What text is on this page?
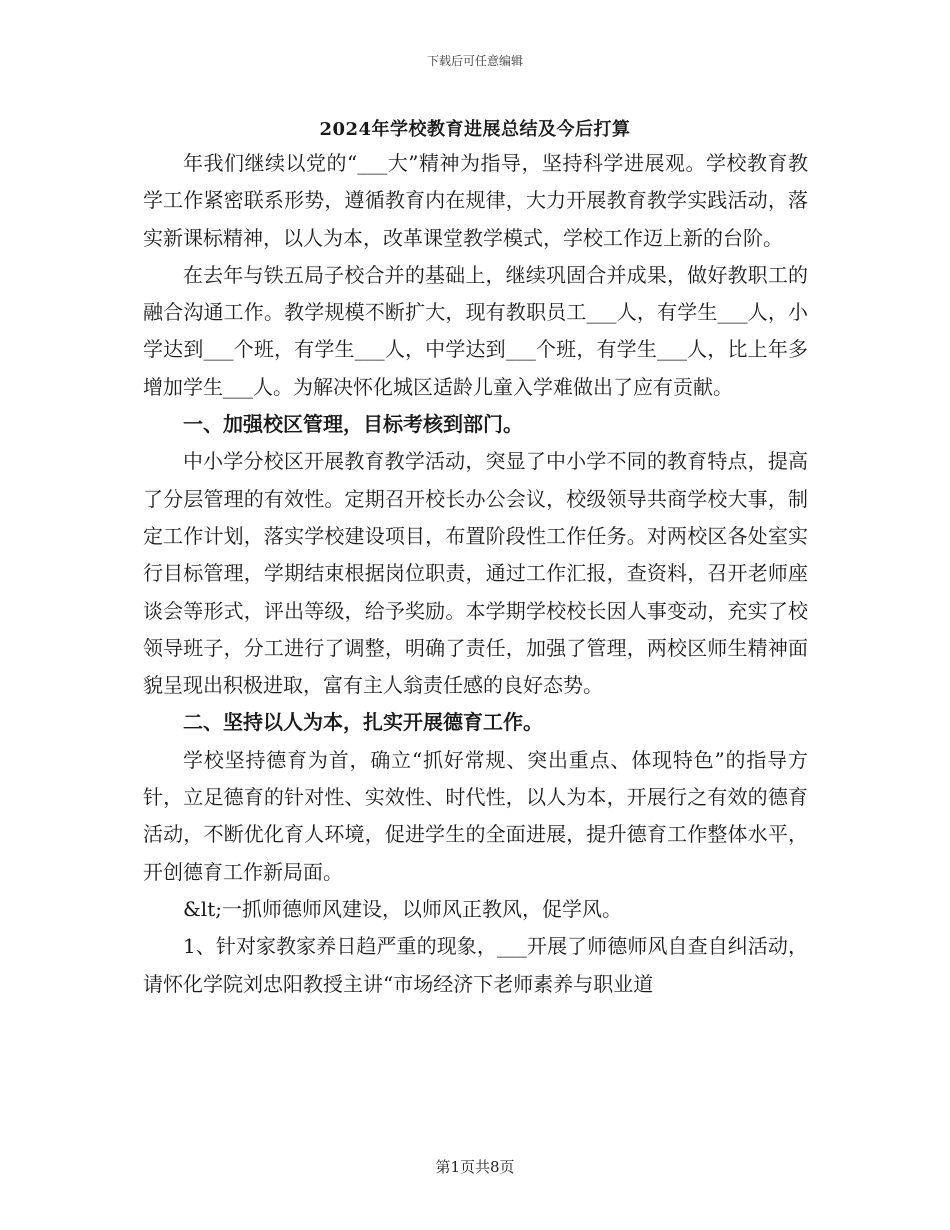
下载后可任意编辑
2024年学校教育进展总结及今后打算

年我们继续以党的“___大”精神为指导，坚持科学进展观。学校教育教学工作紧密联系形势，遵循教育内在规律，大力开展教育教学实践活动，落实新课标精神，以人为本，改革课堂教学模式，学校工作迈上新的台阶。

在去年与铁五局子校合并的基础上，继续巩固合并成果，做好教职工的融合沟通工作。教学规模不断扩大，现有教职员工___人，有学生___人，小学达到___个班，有学生___人，中学达到___个班，有学生___人，比上年多增加学生___人。为解决怀化城区适龄儿童入学难做出了应有贡献。

一、加强校区管理，目标考核到部门。

中小学分校区开展教育教学活动，突显了中小学不同的教育特点，提高了分层管理的有效性。定期召开校长办公会议，校级领导共商学校大事，制定工作计划，落实学校建设项目，布置阶段性工作任务。对两校区各处室实行目标管理，学期结束根据岗位职责，通过工作汇报，查资料，召开老师座谈会等形式，评出等级，给予奖励。本学期学校校长因人事变动，充实了校领导班子，分工进行了调整，明确了责任，加强了管理，两校区师生精神面貌呈现出积极进取，富有主人翁责任感的良好态势。

二、坚持以人为本，扎实开展德育工作。

学校坚持德育为首，确立“抓好常规、突出重点、体现特色”的指导方针，立足德育的针对性、实效性、时代性，以人为本，开展行之有效的德育活动，不断优化育人环境，促进学生的全面进展，提升德育工作整体水平，开创德育工作新局面。

&lt;一抓师德师风建设，以师风正教风，促学风。

1、针对家教家养日趋严重的现象，___开展了师德师风自查自纠活动，请怀化学院刘忠阳教授主讲“市场经济下老师素养与职业道

第1页共8页
